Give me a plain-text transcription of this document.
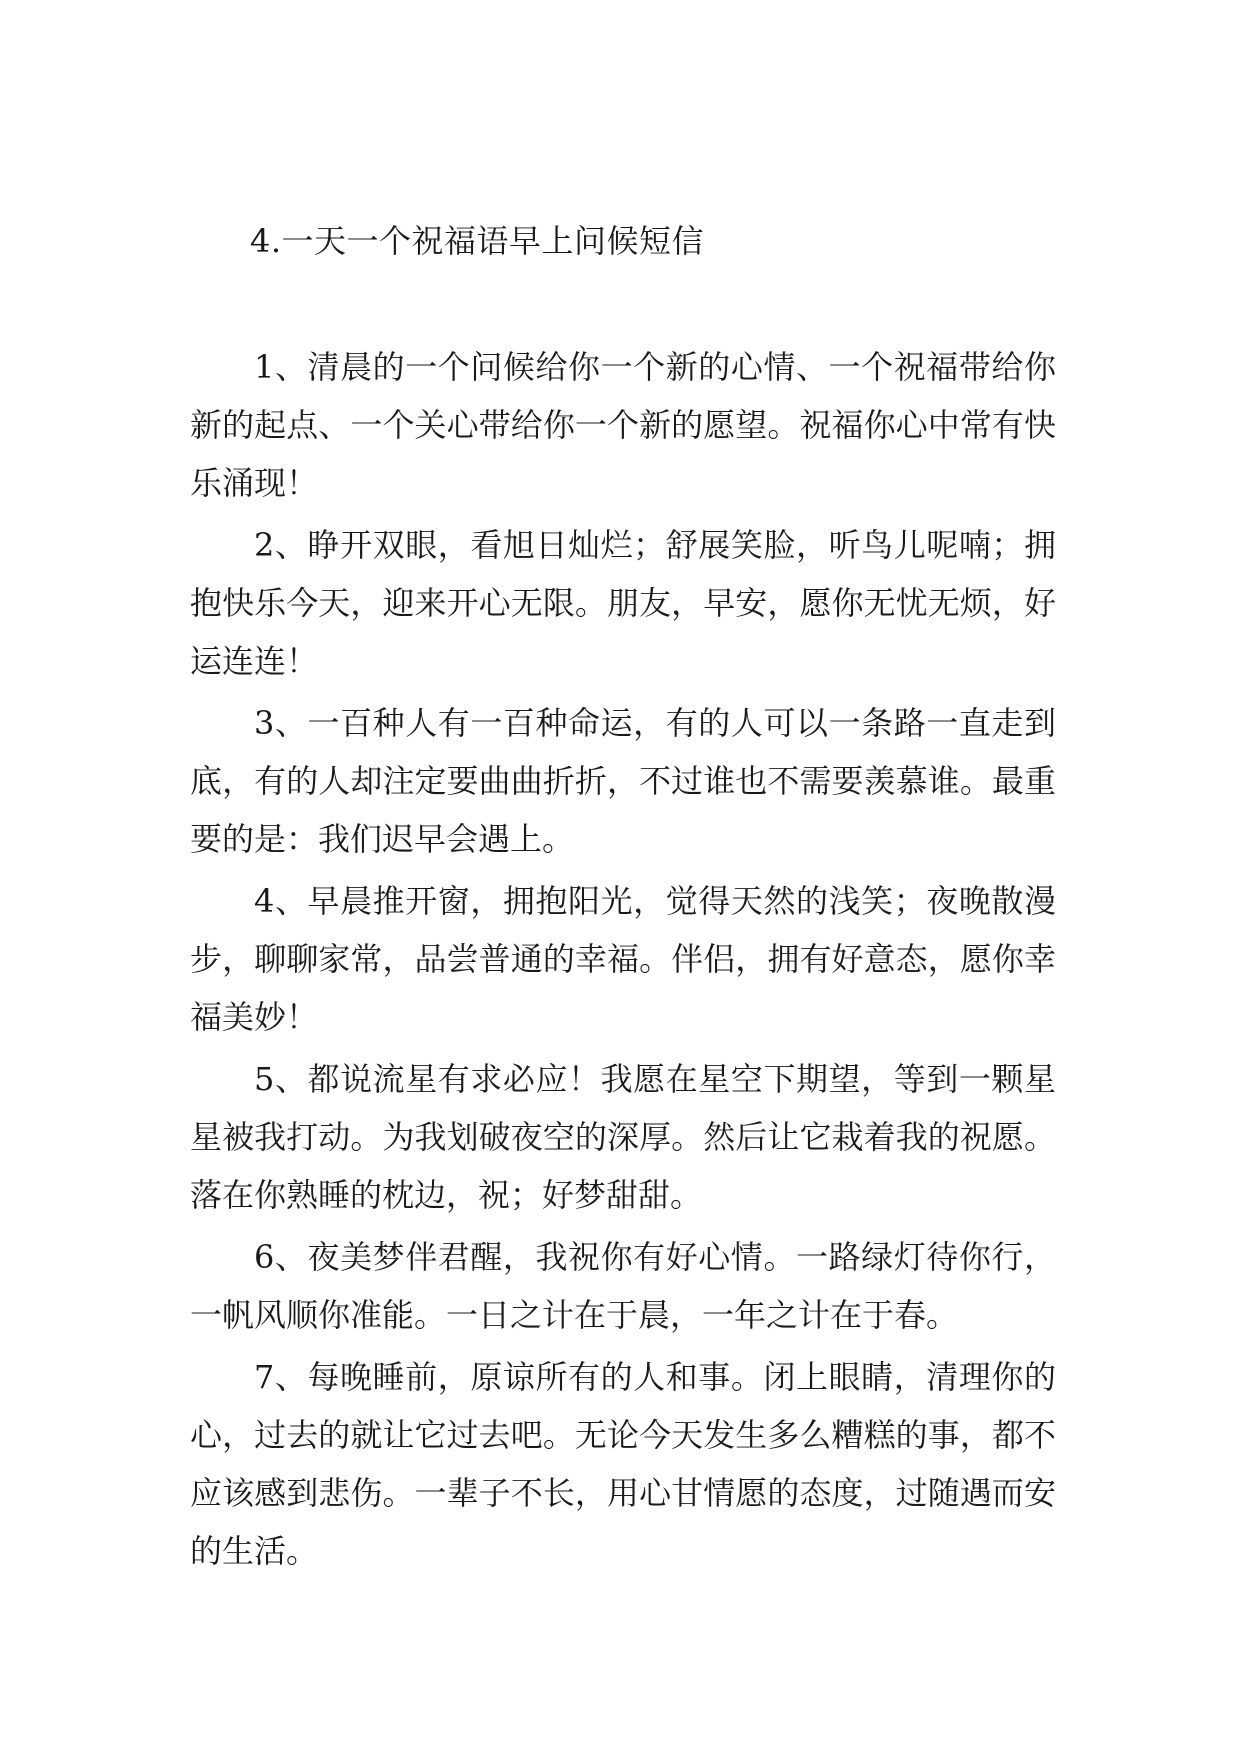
4.一天一个祝福语早上问候短信

1、清晨的一个问候给你一个新的心情、一个祝福带给你新的起点、一个关心带给你一个新的愿望。祝福你心中常有快乐涌现！

2、睁开双眼，看旭日灿烂；舒展笑脸，听鸟儿呢喃；拥抱快乐今天，迎来开心无限。朋友，早安，愿你无忧无烦，好运连连！

3、一百种人有一百种命运，有的人可以一条路一直走到底，有的人却注定要曲曲折折，不过谁也不需要羡慕谁。最重要的是：我们迟早会遇上。

4、早晨推开窗，拥抱阳光，觉得天然的浅笑；夜晚散漫步，聊聊家常，品尝普通的幸福。伴侣，拥有好意态，愿你幸福美妙！

5、都说流星有求必应！我愿在星空下期望，等到一颗星星被我打动。为我划破夜空的深厚。然后让它栽着我的祝愿。落在你熟睡的枕边，祝；好梦甜甜。

6、夜美梦伴君醒，我祝你有好心情。一路绿灯待你行，一帆风顺你准能。一日之计在于晨，一年之计在于春。

7、每晚睡前，原谅所有的人和事。闭上眼睛，清理你的心，过去的就让它过去吧。无论今天发生多么糟糕的事，都不应该感到悲伤。一辈子不长，用心甘情愿的态度，过随遇而安的生活。
